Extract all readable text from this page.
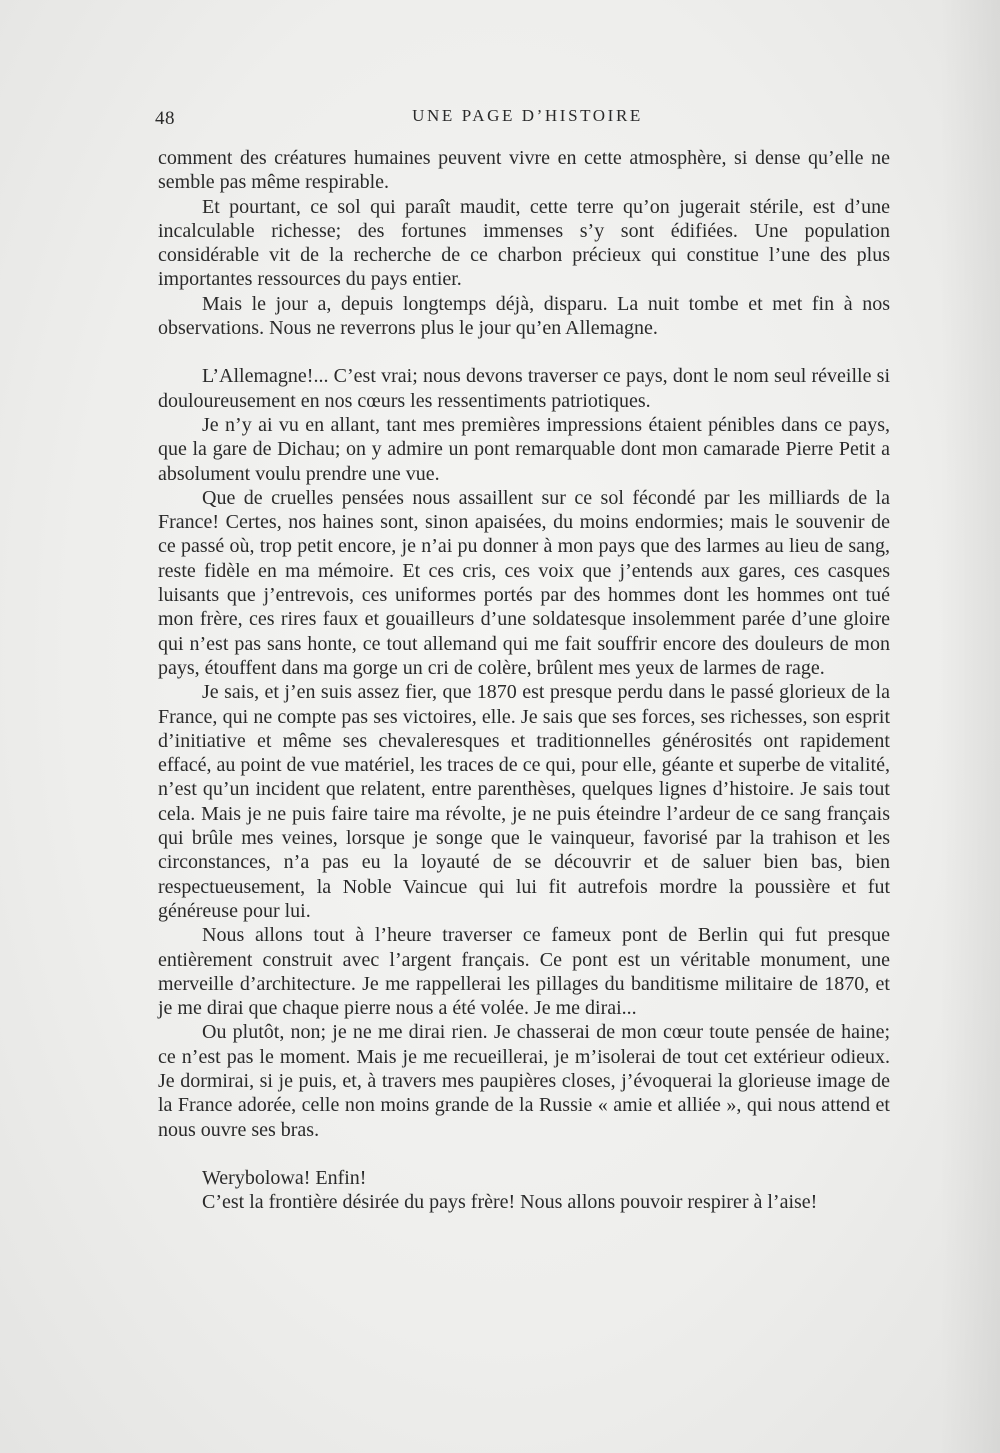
48	UNE PAGE D’HISTOIRE

comment des créatures humaines peuvent vivre en cette atmosphère, si dense qu’elle ne semble pas même respirable.

Et pourtant, ce sol qui paraît maudit, cette terre qu’on jugerait stérile, est d’une incalculable richesse; des fortunes immenses s’y sont édifiées. Une population considérable vit de la recherche de ce charbon précieux qui constitue l’une des plus importantes ressources du pays entier.

Mais le jour a, depuis longtemps déjà, disparu. La nuit tombe et met fin à nos observations. Nous ne reverrons plus le jour qu’en Allemagne.

L’Allemagne!... C’est vrai; nous devons traverser ce pays, dont le nom seul réveille si douloureusement en nos cœurs les ressentiments patriotiques.

Je n’y ai vu en allant, tant mes premières impressions étaient pénibles dans ce pays, que la gare de Dichau; on y admire un pont remarquable dont mon camarade Pierre Petit a absolument voulu prendre une vue.

Que de cruelles pensées nous assaillent sur ce sol fécondé par les milliards de la France! Certes, nos haines sont, sinon apaisées, du moins endormies; mais le souvenir de ce passé où, trop petit encore, je n’ai pu donner à mon pays que des larmes au lieu de sang, reste fidèle en ma mémoire. Et ces cris, ces voix que j’entends aux gares, ces casques luisants que j’entrevois, ces uniformes portés par des hommes dont les hommes ont tué mon frère, ces rires faux et gouailleurs d’une soldatesque insolemment parée d’une gloire qui n’est pas sans honte, ce tout allemand qui me fait souffrir encore des douleurs de mon pays, étouffent dans ma gorge un cri de colère, brûlent mes yeux de larmes de rage.

Je sais, et j’en suis assez fier, que 1870 est presque perdu dans le passé glorieux de la France, qui ne compte pas ses victoires, elle. Je sais que ses forces, ses richesses, son esprit d’initiative et même ses chevaleresques et traditionnelles générosités ont rapidement effacé, au point de vue matériel, les traces de ce qui, pour elle, géante et superbe de vitalité, n’est qu’un incident que relatent, entre parenthèses, quelques lignes d’histoire. Je sais tout cela. Mais je ne puis faire taire ma révolte, je ne puis éteindre l’ardeur de ce sang français qui brûle mes veines, lorsque je songe que le vainqueur, favorisé par la trahison et les circonstances, n’a pas eu la loyauté de se découvrir et de saluer bien bas, bien respectueusement, la Noble Vaincue qui lui fit autrefois mordre la poussière et fut généreuse pour lui.

Nous allons tout à l’heure traverser ce fameux pont de Berlin qui fut presque entièrement construit avec l’argent français. Ce pont est un véritable monument, une merveille d’architecture. Je me rappellerai les pillages du banditisme militaire de 1870, et je me dirai que chaque pierre nous a été volée. Je me dirai...

Ou plutôt, non; je ne me dirai rien. Je chasserai de mon cœur toute pensée de haine; ce n’est pas le moment. Mais je me recueillerai, je m’isolerai de tout cet extérieur odieux. Je dormirai, si je puis, et, à travers mes paupières closes, j’évoquerai la glorieuse image de la France adorée, celle non moins grande de la Russie « amie et alliée », qui nous attend et nous ouvre ses bras.

Werybolowa! Enfin!

C’est la frontière désirée du pays frère! Nous allons pouvoir respirer à l’aise!
